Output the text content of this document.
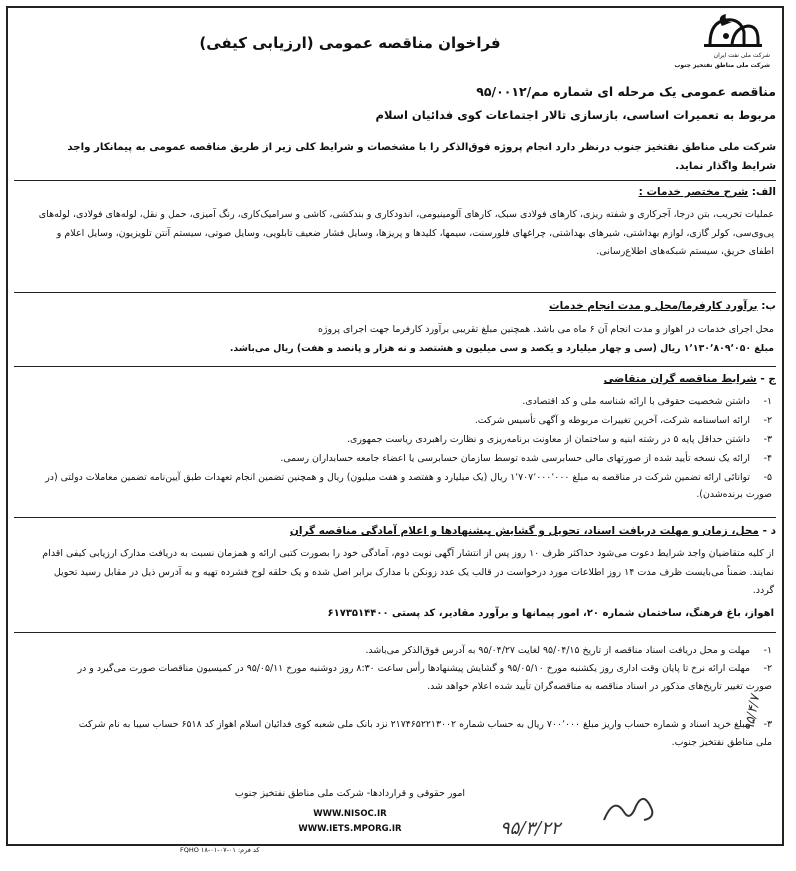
شرکت ملی نفت ایران
شرکت ملی مناطق نفتخیز جنوب
فراخوان مناقصه عمومی (ارزیابی کیفی)
مناقصه عمومی یک مرحله ای شماره مم/۹۵/۰۰۱۲
مربوط به تعمیرات اساسی، بازسازی تالار اجتماعات کوی فدائیان اسلام
شرکت ملی مناطق نفتخیز جنوب درنظر دارد انجام پروژه فوق‌الذکر را با مشخصات و شرایط کلی زیر از طریق مناقصه عمومی به پیمانکار واجد شرایط واگذار نماید.
الف: شرح مختصر خدمات :
عملیات تخریب، بتن درجا، آجرکاری و شفته ریزی، کارهای فولادی سبک، کارهای آلومینیومی، اندودکاری و بندکشی، کاشی و سرامیک‌کاری، رنگ آمیزی، حمل و نقل، لوله‌های فولادی، لوله‌های پی‌وی‌سی، کولر گازی، لوازم بهداشتی، شیرهای بهداشتی، چراغهای فلورسنت، سیمها، کلیدها و پریزها، وسایل فشار ضعیف تابلویی، وسایل صوتی، سیستم آنتن تلویزیون، وسایل اعلام و اطفای حریق، سیستم شبکه‌های اطلاع‌رسانی.
ب: برآورد کارفرما/محل و مدت انجام خدمات
محل اجرای خدمات در اهواز و مدت انجام آن ۶ ماه می باشد. همچنین مبلغ تقریبی برآورد کارفرما جهت اجرای پروژه
مبلغ ۱٬۱۳۰٬۸۰۹٬۰۵۰ ریال (سی و چهار میلیارد و یکصد و سی میلیون و هشتصد و نه هزار و پانصد و هفت) ریال می‌باشد.
ج - شرایط مناقصه گران متقاضی
۱-داشتن شخصیت حقوقی با ارائه شناسه ملی و کد اقتصادی.
۲-ارائه اساسنامه شرکت، آخرین تغییرات مربوطه و آگهی تأسیس شرکت.
۳-داشتن حداقل پایه ۵ در رشته ابنیه و ساختمان از معاونت برنامه‌ریزی و نظارت راهبردی ریاست جمهوری.
۴-ارائه یک نسخه تأیید شده از صورتهای مالی حسابرسی شده توسط سازمان حسابرسی یا اعضاء جامعه حسابداران رسمی.
۵-توانائی ارائه تضمین شرکت در مناقصه به مبلغ ۱٬۷۰۷٬۰۰۰٬۰۰۰ ریال (یک میلیارد و هفتصد و هفت میلیون) ریال و همچنین تضمین انجام تعهدات طبق آیین‌نامه تضمین معاملات دولتی (در صورت برنده‌شدن).
د - محل، زمان و مهلت دریافت اسناد، تحویل و گشایش پیشنهادها و اعلام آمادگی مناقصه گران
از کلیه متقاضیان واجد شرایط دعوت می‌شود حداکثر ظرف ۱۰ روز پس از انتشار آگهی نوبت دوم، آمادگی خود را بصورت کتبی ارائه و همزمان نسبت به دریافت مدارک ارزیابی کیفی اقدام نمایند. ضمناً می‌بایست ظرف مدت ۱۴ روز اطلاعات مورد درخواست در قالب یک عدد زونکن با مدارک برابر اصل شده و یک حلقه لوح فشرده تهیه و به آدرس ذیل در مقابل رسید تحویل گردد.
اهواز، باغ فرهنگ، ساختمان شماره ۲۰، امور پیمانها و برآورد مقادیر، کد پستی ۶۱۷۳۵۱۴۴۰۰
۱-مهلت و محل دریافت اسناد مناقصه از تاریخ ۹۵/۰۴/۱۵ لغایت ۹۵/۰۴/۲۷ به آدرس فوق‌الذکر می‌باشد.
۲-مهلت ارائه نرخ تا پایان وقت اداری روز یکشنبه مورخ ۹۵/۰۵/۱۰ و گشایش پیشنهادها رأس ساعت ۸:۳۰ روز دوشنبه مورخ ۹۵/۰۵/۱۱ در کمیسیون مناقصات صورت می‌گیرد و در صورت تغییر تاریخ‌های مذکور در اسناد مناقصه به مناقصه‌گران تأیید شده اعلام خواهد شد.
۳-مبلغ خرید اسناد و شماره حساب واریز مبلغ ۷۰۰٬۰۰۰ ریال به حساب شماره ۲۱۷۴۶۵۲۲۱۳۰۰۲ نزد بانک ملی شعبه کوی فدائیان اسلام اهواز کد ۶۵۱۸ حساب سیبا به نام شرکت ملی مناطق نفتخیز جنوب.
امور حقوقی و قراردادها- شرکت ملی مناطق نفتخیز جنوب
WWW.NISOC.IR
WWW.IETS.MPORG.IR	۹۵/۳/۲۲
۹۵/۴/۷
کد فرم: FQHO ۱۸-۰۱-۰۷-۰۱
